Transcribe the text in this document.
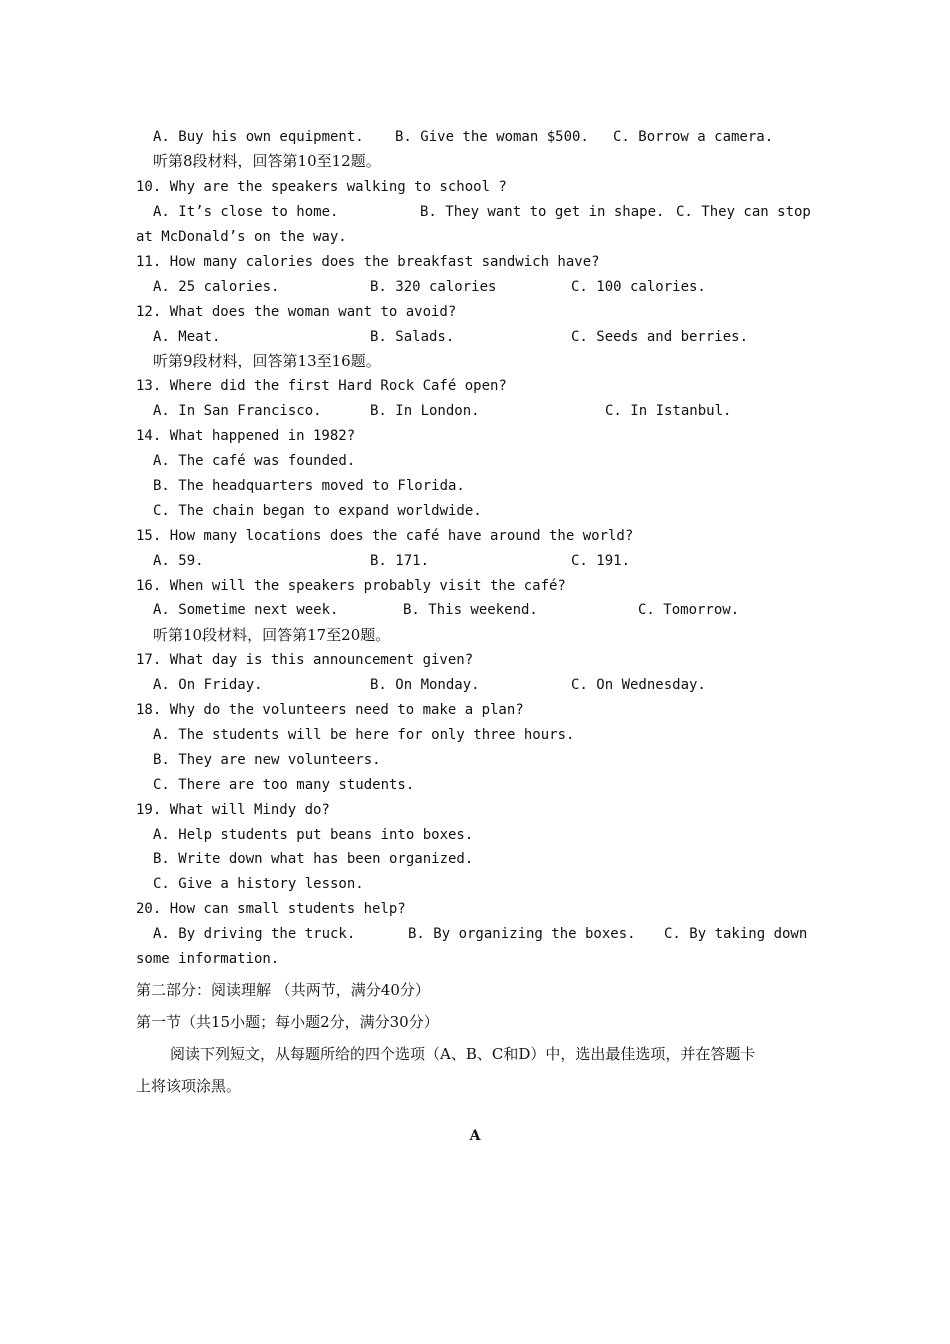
A. Buy his own equipment. B. Give the woman $500. C. Borrow a camera.
听第8段材料，回答第10至12题。
10. Why are the speakers walking to school ?
A. It’s close to home.	B. They want to get in shape. C. They can stop
at McDonald’s on the way.
11. How many calories does the breakfast sandwich have?
A. 25 calories.	B. 320 calories	C. 100 calories.
12. What does the woman want to avoid?
A. Meat.	B. Salads.	C. Seeds and berries.
听第9段材料，回答第13至16题。
13. Where did the first Hard Rock Café open?
A. In San Francisco.	B. In London.	C. In Istanbul.
14. What happened in 1982?
A. The café was founded.
B. The headquarters moved to Florida.
C. The chain began to expand worldwide.
15. How many locations does the café have around the world?
A. 59.	B. 171.	C. 191.
16. When will the speakers probably visit the café?
A. Sometime next week.	B. This weekend.	C. Tomorrow.
听第10段材料，回答第17至20题。
17. What day is this announcement given?
A. On Friday.	B. On Monday.	C. On Wednesday.
18. Why do the volunteers need to make a plan?
A. The students will be here for only three hours.
B. They are new volunteers.
C. There are too many students.
19. What will Mindy do?
A. Help students put beans into boxes.
B. Write down what has been organized.
C. Give a history lesson.
20. How can small students help?
A. By driving the truck.	B. By organizing the boxes. C. By taking down
some information.
第二部分：阅读理解 （共两节，满分40分）
第一节（共15小题；每小题2分，满分30分）
阅读下列短文，从每题所给的四个选项（A、B、C和D）中，选出最佳选项，并在答题卡
上将该项涂黑。
A
